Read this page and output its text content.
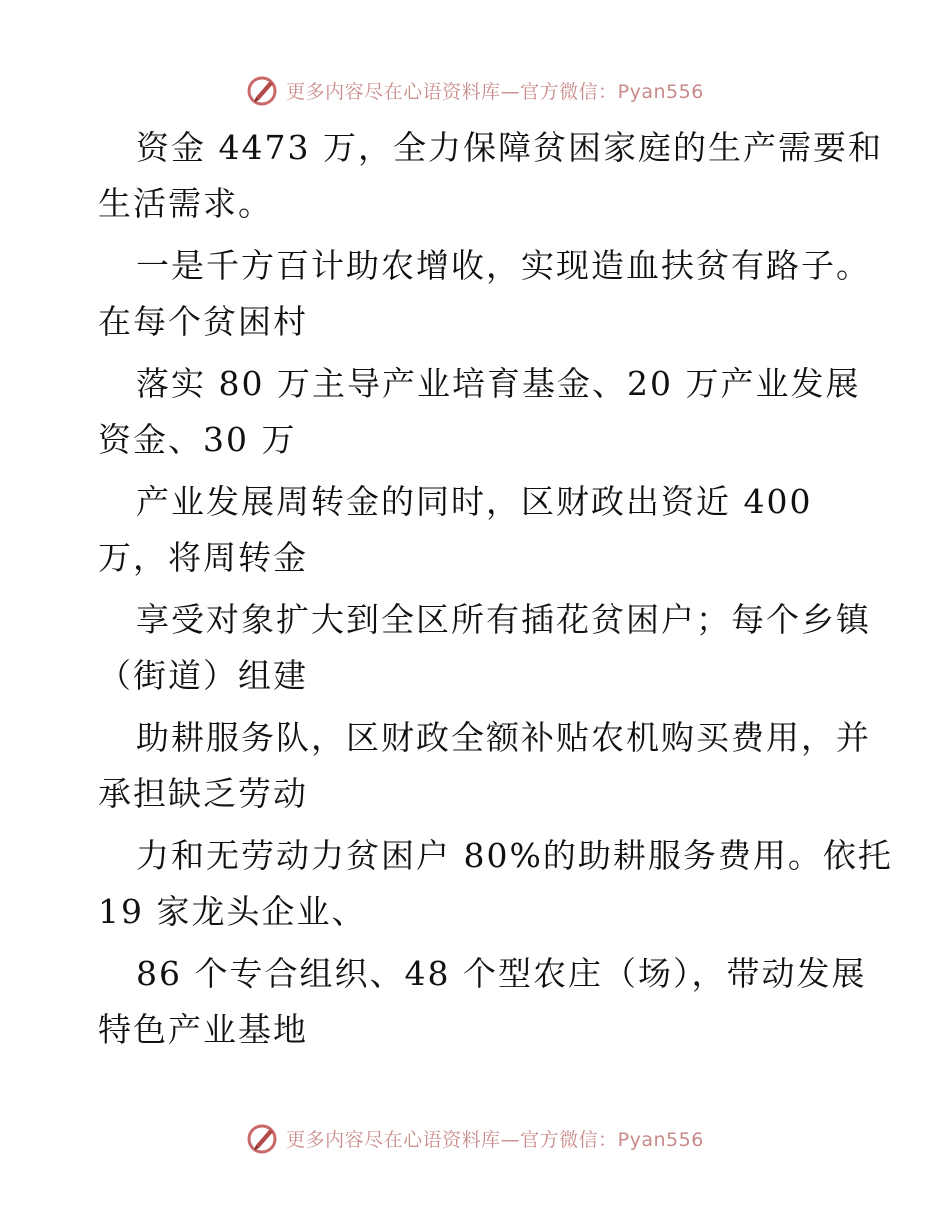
更多内容尽在心语资料库—官方微信：Pyan556
资金 4473 万，全力保障贫困家庭的生产需要和
生活需求。
一是千方百计助农增收，实现造血扶贫有路子。
在每个贫困村
落实 80 万主导产业培育基金、20 万产业发展
资金、30 万
产业发展周转金的同时，区财政出资近 400
万，将周转金
享受对象扩大到全区所有插花贫困户；每个乡镇
（街道）组建
助耕服务队，区财政全额补贴农机购买费用，并
承担缺乏劳动
力和无劳动力贫困户 80%的助耕服务费用。依托
19 家龙头企业、
86 个专合组织、48 个型农庄（场），带动发展
特色产业基地
更多内容尽在心语资料库—官方微信：Pyan556
